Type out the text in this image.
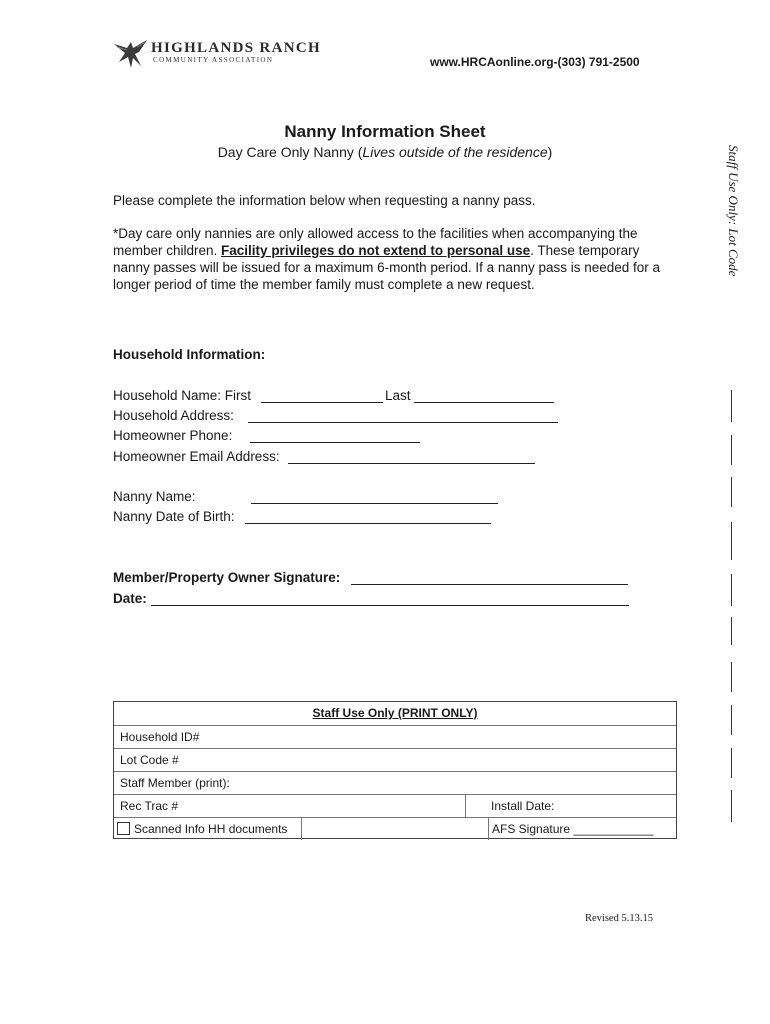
HIGHLANDS RANCH
COMMUNITY ASSOCIATION	www.HRCAonline.org-(303) 791-2500
Nanny Information Sheet
Day Care Only Nanny (Lives outside of the residence)	Staff Use Only: Lot Code
Please complete the information below when requesting a nanny pass.
*Day care only nannies are only allowed access to the facilities when accompanying the member children. Facility privileges do not extend to personal use. These temporary nanny passes will be issued for a maximum 6-month period. If a nanny pass is needed for a longer period of time the member family must complete a new request.
Household Information:
Household Name: First	Last
Household Address:
Homeowner Phone:
Homeowner Email Address:
Nanny Name:
Nanny Date of Birth:
Member/Property Owner Signature:
Date:
Staff Use Only (PRINT ONLY)
Household ID#
Lot Code #
Staff Member (print):
Rec Trac #	Install Date:
Scanned Info HH documents	AFS Signature ____________
Revised 5.13.15
